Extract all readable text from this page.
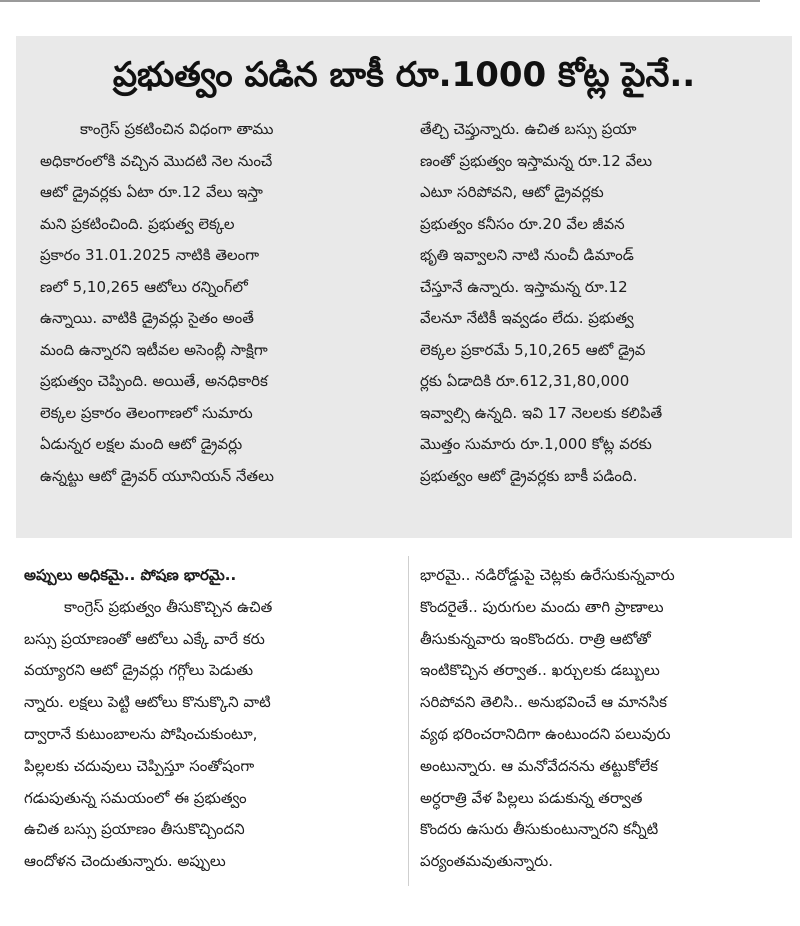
ప్రభుత్వం పడిన బాకీ రూ.1000 కోట్ల పైనే..
కాంగ్రెస్ ప్రకటించిన విధంగా తాము
అధికారంలోకి వచ్చిన మొదటి నెల నుంచే
ఆటో డ్రైవర్లకు ఏటా రూ.12 వేలు ఇస్తా
మని ప్రకటించింది. ప్రభుత్వ లెక్కల
ప్రకారం 31.01.2025 నాటికి తెలంగా
ణలో 5,10,265 ఆటోలు రన్నింగ్‌లో
ఉన్నాయి. వాటికి డ్రైవర్లు సైతం అంతే
మంది ఉన్నారని ఇటీవల అసెంబ్లీ సాక్షిగా
ప్రభుత్వం చెప్పింది. అయితే, అనధికారిక
లెక్కల ప్రకారం తెలంగాణలో సుమారు
ఏడున్నర లక్షల మంది ఆటో డ్రైవర్లు
ఉన్నట్టు ఆటో డ్రైవర్ యూనియన్ నేతలు
తేల్చి చెప్తున్నారు. ఉచిత బస్సు ప్రయా
ణంతో ప్రభుత్వం ఇస్తామన్న రూ.12 వేలు
ఎటూ సరిపోవని, ఆటో డ్రైవర్లకు
ప్రభుత్వం కనీసం రూ.20 వేల జీవన
భృతి ఇవ్వాలని నాటి నుంచీ డిమాండ్
చేస్తూనే ఉన్నారు. ఇస్తామన్న రూ.12
వేలనూ నేటికీ ఇవ్వడం లేదు. ప్రభుత్వ
లెక్కల ప్రకారమే 5,10,265 ఆటో డ్రైవ
ర్లకు ఏడాదికి రూ.612,31,80,000
ఇవ్వాల్సి ఉన్నది. ఇవి 17 నెలలకు కలిపితే
మొత్తం సుమారు రూ.1,000 కోట్ల వరకు
ప్రభుత్వం ఆటో డ్రైవర్లకు బాకీ పడింది.
అప్పులు అధికమై.. పోషణ భారమై..
కాంగ్రెస్ ప్రభుత్వం తీసుకొచ్చిన ఉచిత
బస్సు ప్రయాణంతో ఆటోలు ఎక్కే వారే కరు
వయ్యారని ఆటో డ్రైవర్లు గగ్గోలు పెడుతు
న్నారు. లక్షలు పెట్టి ఆటోలు కొనుక్కొని వాటి
ద్వారానే కుటుంబాలను పోషించుకుంటూ,
పిల్లలకు చదువులు చెప్పిస్తూ సంతోషంగా
గడుపుతున్న సమయంలో ఈ ప్రభుత్వం
ఉచిత బస్సు ప్రయాణం తీసుకొచ్చిందని
ఆందోళన చెందుతున్నారు. అప్పులు
భారమై.. నడిరోడ్డుపై చెట్లకు ఉరేసుకున్నవారు
కొందరైతే.. పురుగుల మందు తాగి ప్రాణాలు
తీసుకున్నవారు ఇంకొందరు. రాత్రి ఆటోతో
ఇంటికొచ్చిన తర్వాత.. ఖర్చులకు డబ్బులు
సరిపోవని తెలిసి.. అనుభవించే ఆ మానసిక
వ్యథ భరించరానిదిగా ఉంటుందని పలువురు
అంటున్నారు. ఆ మనోవేదనను తట్టుకోలేక
అర్ధరాత్రి వేళ పిల్లలు పడుకున్న తర్వాత
కొందరు ఉసురు తీసుకుంటున్నారని కన్నీటి
పర్యంతమవుతున్నారు.
